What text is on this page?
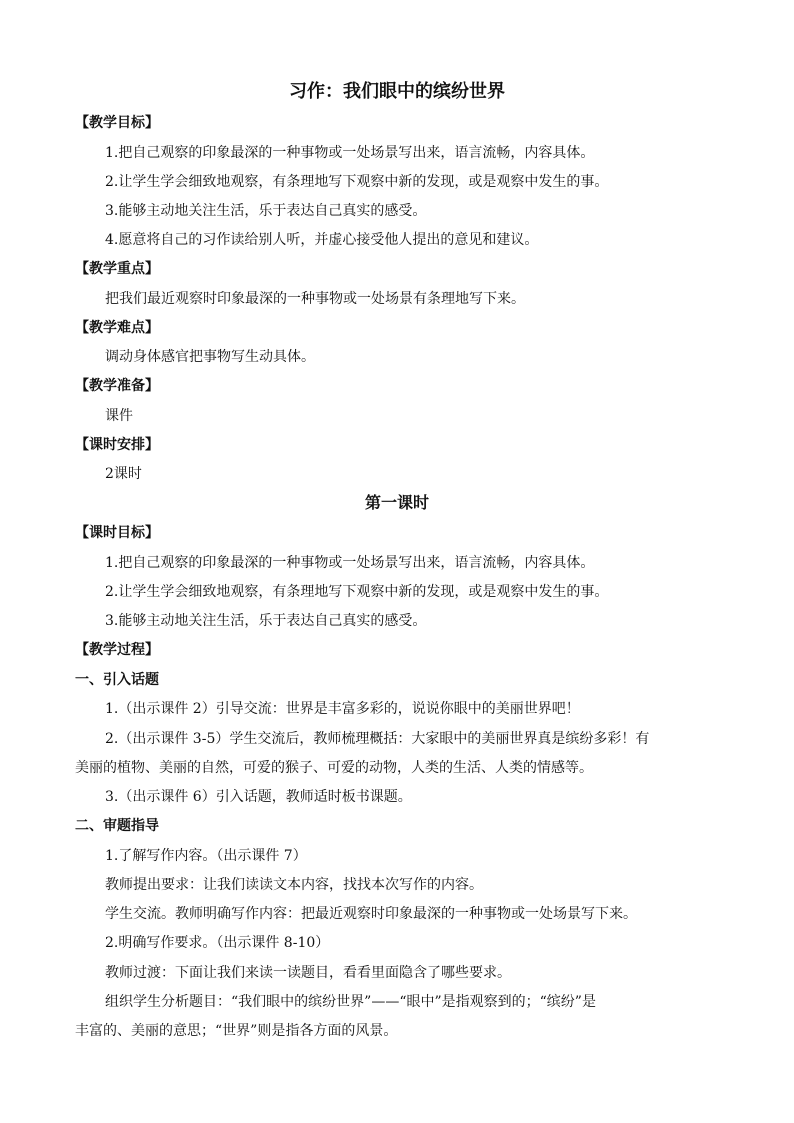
习作：我们眼中的缤纷世界
【教学目标】
1.把自己观察的印象最深的一种事物或一处场景写出来，语言流畅，内容具体。
2.让学生学会细致地观察，有条理地写下观察中新的发现，或是观察中发生的事。
3.能够主动地关注生活，乐于表达自己真实的感受。
4.愿意将自己的习作读给别人听，并虚心接受他人提出的意见和建议。
【教学重点】
把我们最近观察时印象最深的一种事物或一处场景有条理地写下来。
【教学难点】
调动身体感官把事物写生动具体。
【教学准备】
课件
【课时安排】
2课时
第一课时
【课时目标】
1.把自己观察的印象最深的一种事物或一处场景写出来，语言流畅，内容具体。
2.让学生学会细致地观察，有条理地写下观察中新的发现，或是观察中发生的事。
3.能够主动地关注生活，乐于表达自己真实的感受。
【教学过程】
一、引入话题
1.（出示课件 2）引导交流：世界是丰富多彩的，说说你眼中的美丽世界吧！
2.（出示课件 3-5）学生交流后，教师梳理概括：大家眼中的美丽世界真是缤纷多彩！有
美丽的植物、美丽的自然，可爱的猴子、可爱的动物，人类的生活、人类的情感等。
3.（出示课件 6）引入话题，教师适时板书课题。
二、审题指导
1.了解写作内容。（出示课件 7）
教师提出要求：让我们读读文本内容，找找本次写作的内容。
学生交流。教师明确写作内容：把最近观察时印象最深的一种事物或一处场景写下来。
2.明确写作要求。（出示课件 8-10）
教师过渡：下面让我们来读一读题目，看看里面隐含了哪些要求。
组织学生分析题目：“我们眼中的缤纷世界”——“眼中”是指观察到的；“缤纷”是
丰富的、美丽的意思；“世界”则是指各方面的风景。
